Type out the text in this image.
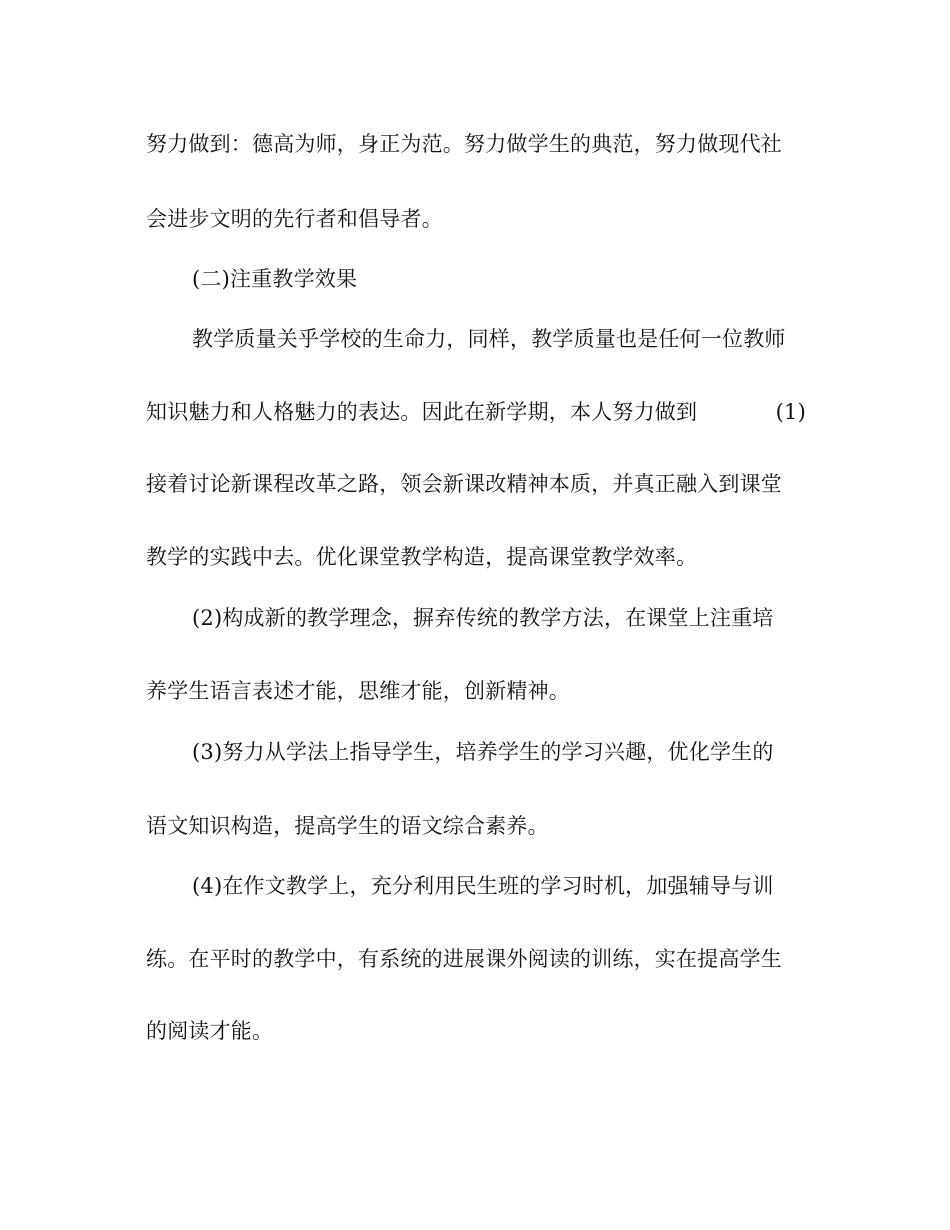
努力做到：德高为师，身正为范。努力做学生的典范，努力做现代社
会进步文明的先行者和倡导者。
(二)注重教学效果
教学质量关乎学校的生命力，同样，教学质量也是任何一位教师
知识魅力和人格魅力的表达。因此在新学期，本人努力做到	(1)
接着讨论新课程改革之路，领会新课改精神本质，并真正融入到课堂
教学的实践中去。优化课堂教学构造，提高课堂教学效率。
(2)构成新的教学理念，摒弃传统的教学方法，在课堂上注重培
养学生语言表述才能，思维才能，创新精神。
(3)努力从学法上指导学生，培养学生的学习兴趣，优化学生的
语文知识构造，提高学生的语文综合素养。
(4)在作文教学上，充分利用民生班的学习时机，加强辅导与训
练。在平时的教学中，有系统的进展课外阅读的训练，实在提高学生
的阅读才能。
